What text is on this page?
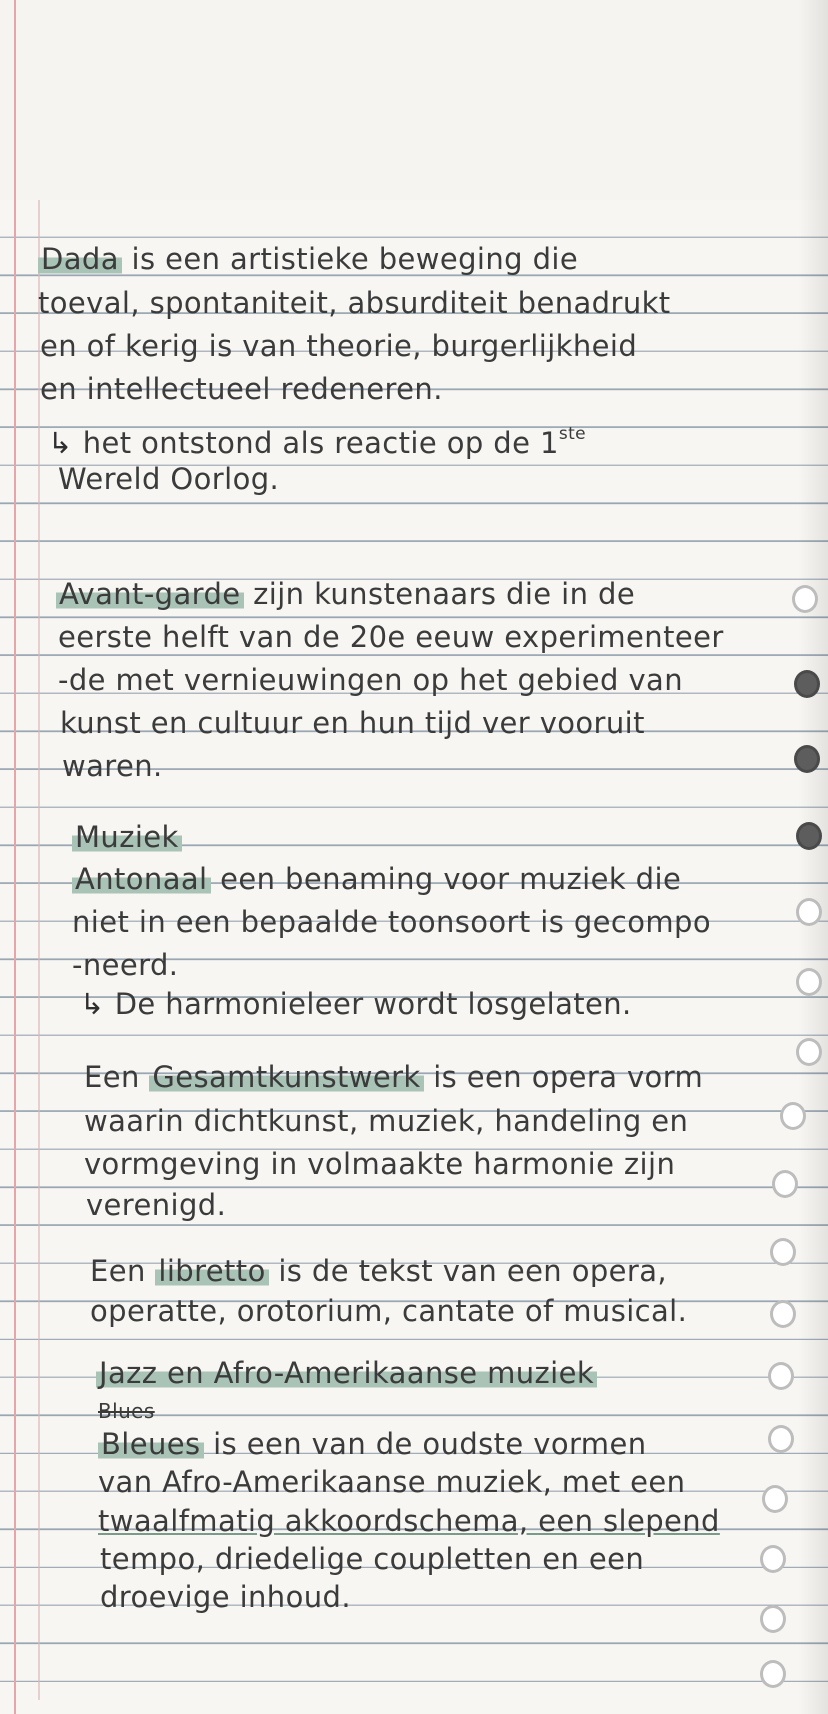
Dada is een artistieke beweging die
toeval, spontaniteit, absurditeit benadrukt
en of kerig is van theorie, burgerlijkheid
en intellectueel redeneren.
↳ het ontstond als reactie op de 1ste
Wereld Oorlog.
Avant-garde zijn kunstenaars die in de
eerste helft van de 20e eeuw experimenteer
-de met vernieuwingen op het gebied van
kunst en cultuur en hun tijd ver vooruit
waren.
Muziek
Antonaal een benaming voor muziek die
niet in een bepaalde toonsoort is gecompo
-neerd.
↳ De harmonieleer wordt losgelaten.
Een Gesamtkunstwerk is een opera vorm
waarin dichtkunst, muziek, handeling en
vormgeving in volmaakte harmonie zijn
verenigd.
Een libretto is de tekst van een opera,
operatte, orotorium, cantate of musical.
Jazz en Afro-Amerikaanse muziek
Blues
Bleues is een van de oudste vormen
van Afro-Amerikaanse muziek, met een
twaalfmatig akkoordschema, een slepend
tempo, driedelige coupletten en een
droevige inhoud.
